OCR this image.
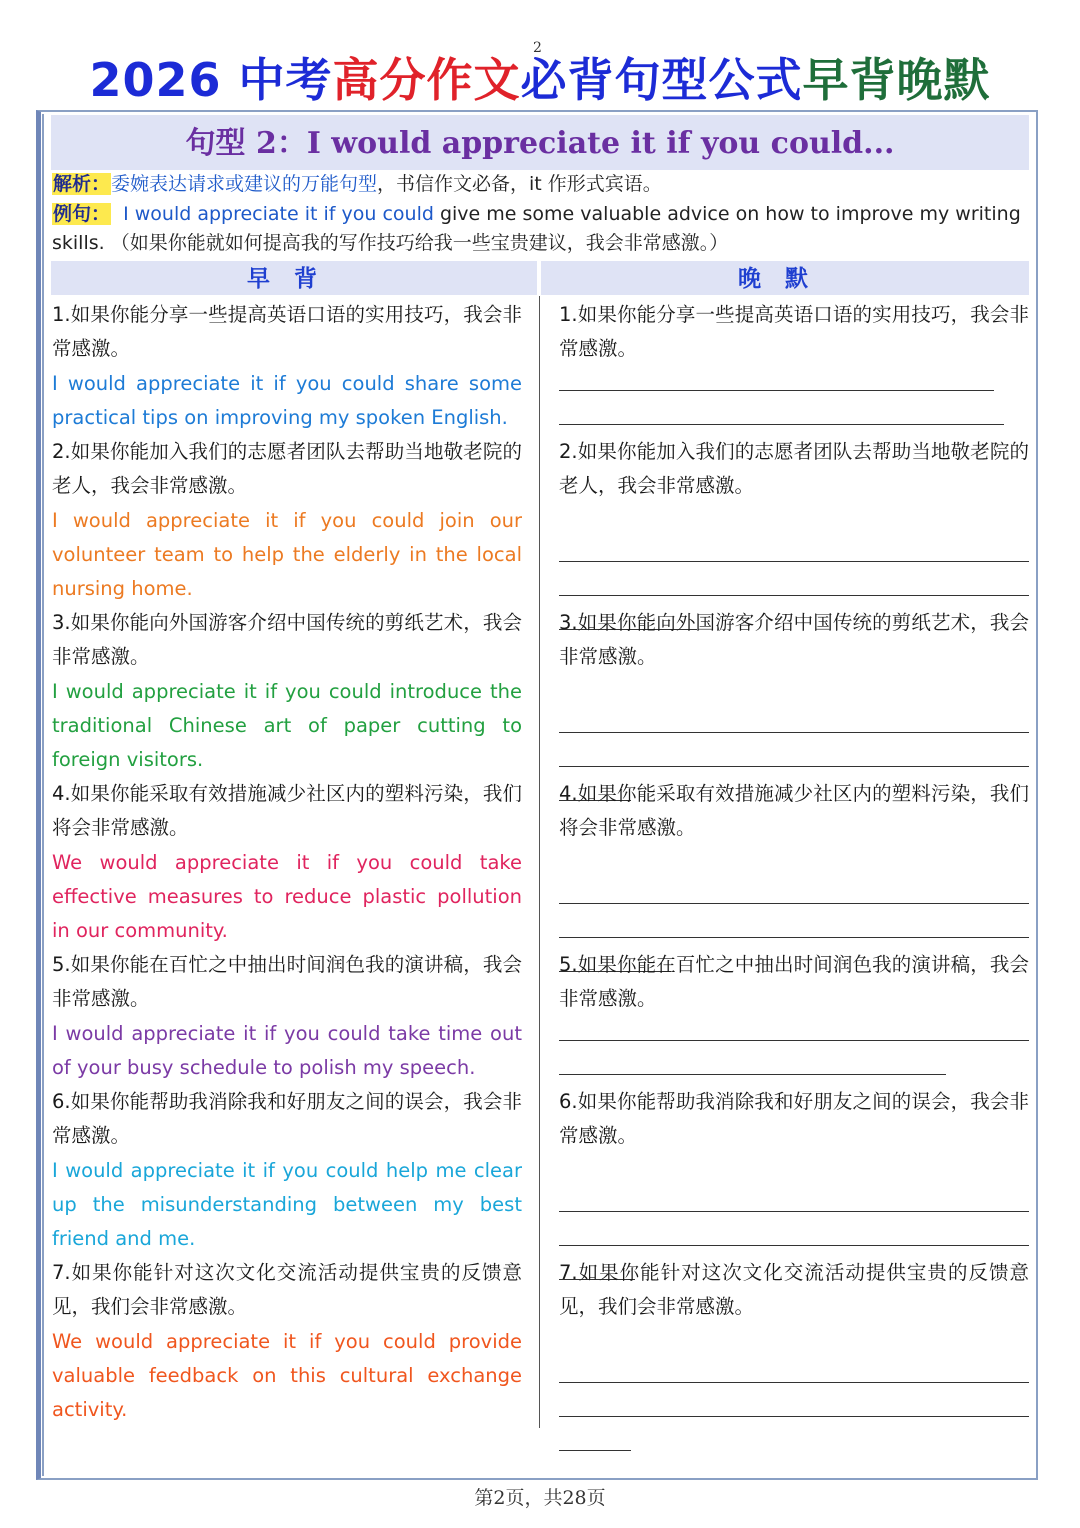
2
2026 中考高分作文必背句型公式早背晚默
句型 2：I would appreciate it if you could...
解析：委婉表达请求或建议的万能句型，书信作文必备，it 作形式宾语。
例句： I would appreciate it if you could give me some valuable advice on how to improve my writing
skills. （如果你能就如何提高我的写作技巧给我一些宝贵建议，我会非常感激。）
早背	晚默
1.如果你能分享一些提高英语口语的实用技巧，我会非常感激。
I would appreciate it if you could share some practical tips on improving my spoken English.
2.如果你能加入我们的志愿者团队去帮助当地敬老院的老人，我会非常感激。
I would appreciate it if you could join our volunteer team to help the elderly in the local nursing home.
3.如果你能向外国游客介绍中国传统的剪纸艺术，我会非常感激。
I would appreciate it if you could introduce the traditional Chinese art of paper cutting to foreign visitors.
4.如果你能采取有效措施减少社区内的塑料污染，我们将会非常感激。
We would appreciate it if you could take effective measures to reduce plastic pollution in our community.
5.如果你能在百忙之中抽出时间润色我的演讲稿，我会非常感激。
I would appreciate it if you could take time out of your busy schedule to polish my speech.
6.如果你能帮助我消除我和好朋友之间的误会，我会非常感激。
I would appreciate it if you could help me clear up the misunderstanding between my best friend and me.
7.如果你能针对这次文化交流活动提供宝贵的反馈意见，我们会非常感激。
We would appreciate it if you could provide valuable feedback on this cultural exchange activity.
1.如果你能分享一些提高英语口语的实用技巧，我会非常感激。
2.如果你能加入我们的志愿者团队去帮助当地敬老院的老人，我会非常感激。
3.如果你能向外国游客介绍中国传统的剪纸艺术，我会非常感激。
4.如果你能采取有效措施减少社区内的塑料污染，我们将会非常感激。
5.如果你能在百忙之中抽出时间润色我的演讲稿，我会非常感激。
6.如果你能帮助我消除我和好朋友之间的误会，我会非常感激。
7.如果你能针对这次文化交流活动提供宝贵的反馈意见，我们会非常感激。
第2页，共28页
